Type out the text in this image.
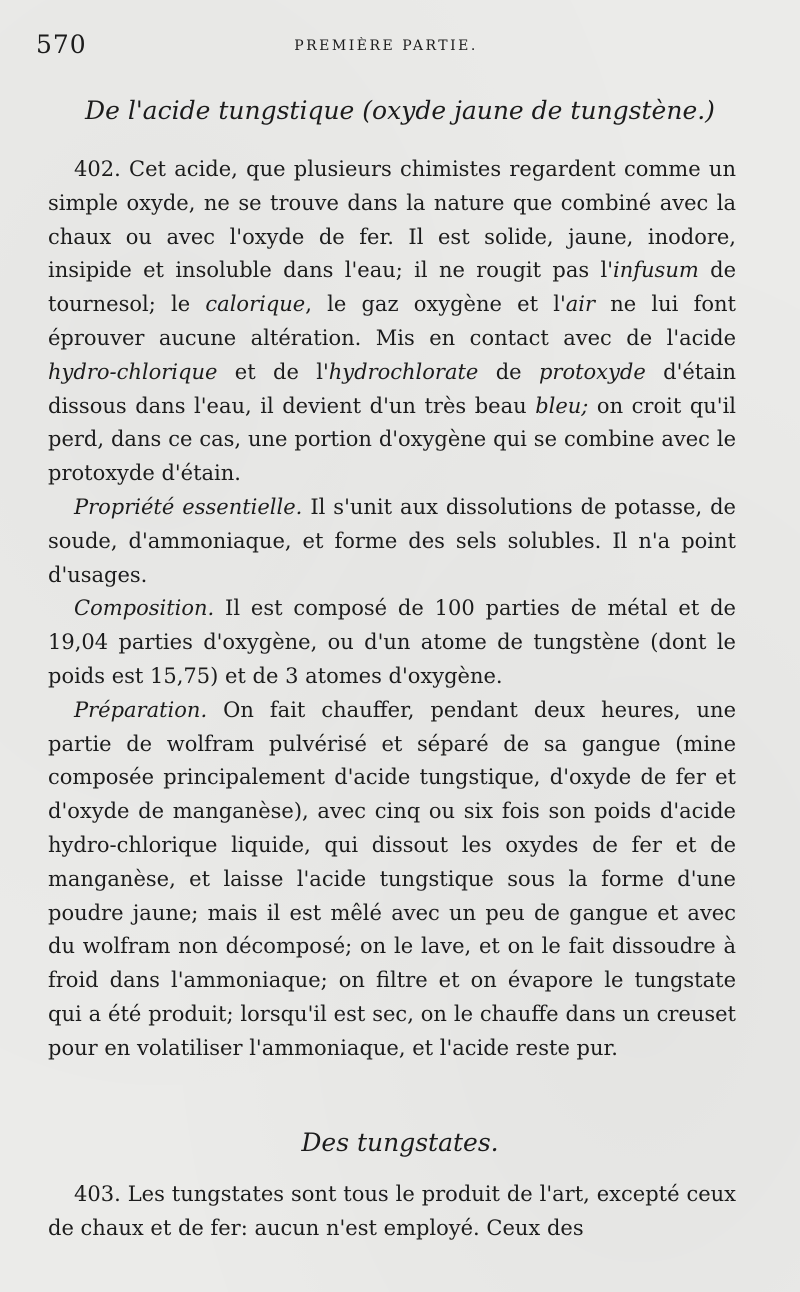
570	PREMIÈRE PARTIE.
De l'acide tungstique (oxyde jaune de tungstène.)

402. Cet acide, que plusieurs chimistes regardent comme un simple oxyde, ne se trouve dans la nature que combiné avec la chaux ou avec l'oxyde de fer. Il est solide, jaune, inodore, insipide et insoluble dans l'eau; il ne rougit pas l'infusum de tournesol; le calorique, le gaz oxygène et l'air ne lui font éprouver aucune altération. Mis en contact avec de l'acide hydro-chlorique et de l'hydrochlorate de protoxyde d'étain dissous dans l'eau, il devient d'un très beau bleu; on croit qu'il perd, dans ce cas, une portion d'oxygène qui se combine avec le protoxyde d'étain.

Propriété essentielle. Il s'unit aux dissolutions de potasse, de soude, d'ammoniaque, et forme des sels solubles. Il n'a point d'usages.

Composition. Il est composé de 100 parties de métal et de 19,04 parties d'oxygène, ou d'un atome de tungstène (dont le poids est 15,75) et de 3 atomes d'oxygène.

Préparation. On fait chauffer, pendant deux heures, une partie de wolfram pulvérisé et séparé de sa gangue (mine composée principalement d'acide tungstique, d'oxyde de fer et d'oxyde de manganèse), avec cinq ou six fois son poids d'acide hydro-chlorique liquide, qui dissout les oxydes de fer et de manganèse, et laisse l'acide tungstique sous la forme d'une poudre jaune; mais il est mêlé avec un peu de gangue et avec du wolfram non décomposé; on le lave, et on le fait dissoudre à froid dans l'ammoniaque; on filtre et on évapore le tungstate qui a été produit; lorsqu'il est sec, on le chauffe dans un creuset pour en volatiliser l'ammoniaque, et l'acide reste pur.

Des tungstates.

403. Les tungstates sont tous le produit de l'art, excepté ceux de chaux et de fer: aucun n'est employé. Ceux des
